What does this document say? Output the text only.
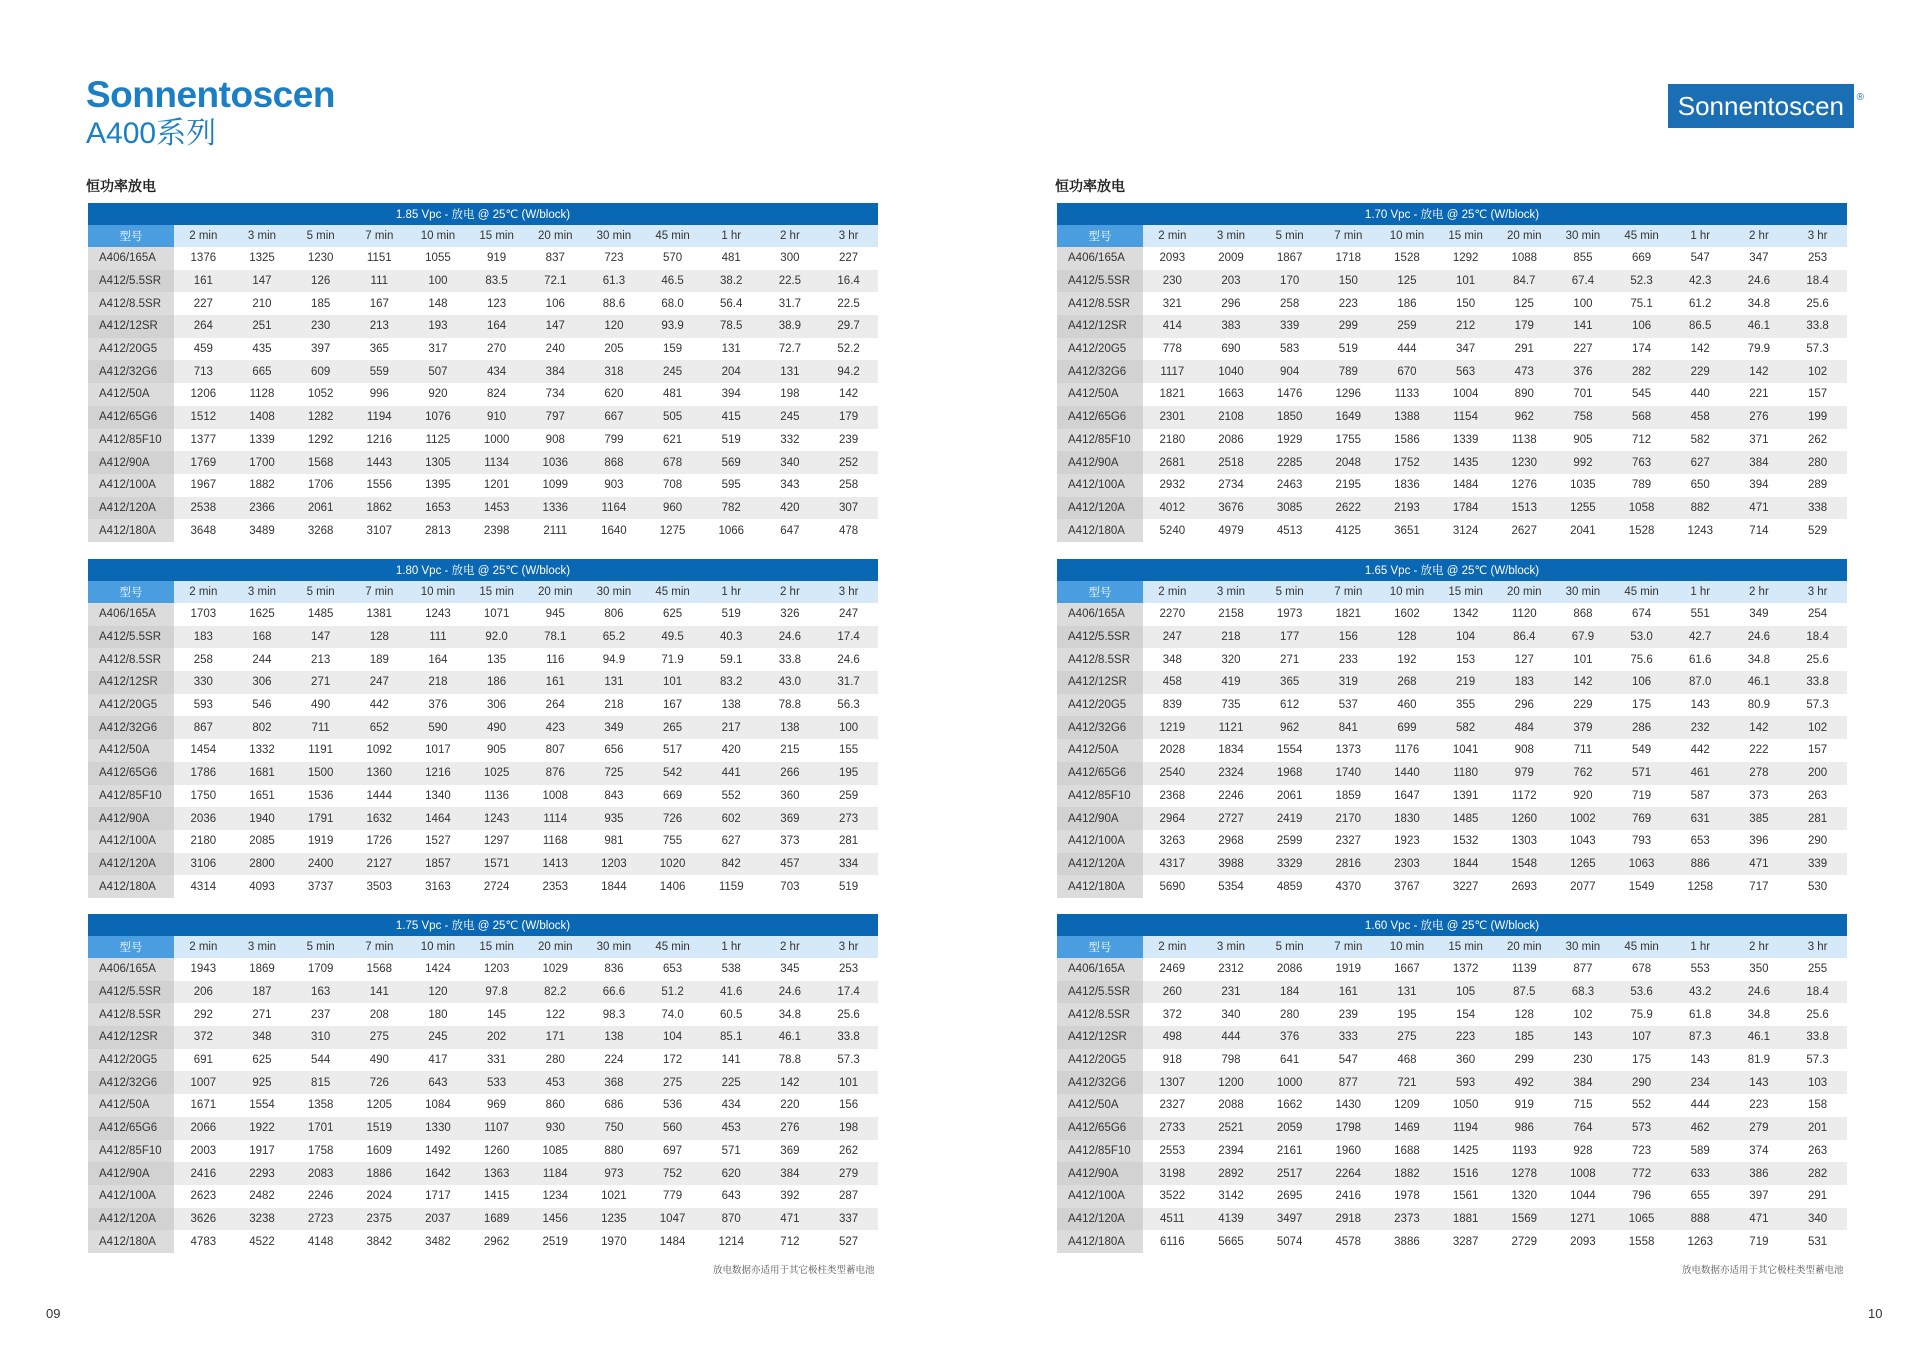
Sonnentoscen
A400系列
Sonnentoscen ®
恒功率放电	恒功率放电
1.85 Vpc - 放电 @ 25℃ (W/block)												
型号	2 min	3 min	5 min	7 min	10 min	15 min	20 min	30 min	45 min	1 hr	2 hr	3 hr
A406/165A	1376	1325	1230	1151	1055	919	837	723	570	481	300	227
A412/5.5SR	161	147	126	111	100	83.5	72.1	61.3	46.5	38.2	22.5	16.4
A412/8.5SR	227	210	185	167	148	123	106	88.6	68.0	56.4	31.7	22.5
A412/12SR	264	251	230	213	193	164	147	120	93.9	78.5	38.9	29.7
A412/20G5	459	435	397	365	317	270	240	205	159	131	72.7	52.2
A412/32G6	713	665	609	559	507	434	384	318	245	204	131	94.2
A412/50A	1206	1128	1052	996	920	824	734	620	481	394	198	142
A412/65G6	1512	1408	1282	1194	1076	910	797	667	505	415	245	179
A412/85F10	1377	1339	1292	1216	1125	1000	908	799	621	519	332	239
A412/90A	1769	1700	1568	1443	1305	1134	1036	868	678	569	340	252
A412/100A	1967	1882	1706	1556	1395	1201	1099	903	708	595	343	258
A412/120A	2538	2366	2061	1862	1653	1453	1336	1164	960	782	420	307
A412/180A	3648	3489	3268	3107	2813	2398	2111	1640	1275	1066	647	478
1.80 Vpc - 放电 @ 25℃ (W/block)												
型号	2 min	3 min	5 min	7 min	10 min	15 min	20 min	30 min	45 min	1 hr	2 hr	3 hr
A406/165A	1703	1625	1485	1381	1243	1071	945	806	625	519	326	247
A412/5.5SR	183	168	147	128	111	92.0	78.1	65.2	49.5	40.3	24.6	17.4
A412/8.5SR	258	244	213	189	164	135	116	94.9	71.9	59.1	33.8	24.6
A412/12SR	330	306	271	247	218	186	161	131	101	83.2	43.0	31.7
A412/20G5	593	546	490	442	376	306	264	218	167	138	78.8	56.3
A412/32G6	867	802	711	652	590	490	423	349	265	217	138	100
A412/50A	1454	1332	1191	1092	1017	905	807	656	517	420	215	155
A412/65G6	1786	1681	1500	1360	1216	1025	876	725	542	441	266	195
A412/85F10	1750	1651	1536	1444	1340	1136	1008	843	669	552	360	259
A412/90A	2036	1940	1791	1632	1464	1243	1114	935	726	602	369	273
A412/100A	2180	2085	1919	1726	1527	1297	1168	981	755	627	373	281
A412/120A	3106	2800	2400	2127	1857	1571	1413	1203	1020	842	457	334
A412/180A	4314	4093	3737	3503	3163	2724	2353	1844	1406	1159	703	519
1.75 Vpc - 放电 @ 25℃ (W/block)												
型号	2 min	3 min	5 min	7 min	10 min	15 min	20 min	30 min	45 min	1 hr	2 hr	3 hr
A406/165A	1943	1869	1709	1568	1424	1203	1029	836	653	538	345	253
A412/5.5SR	206	187	163	141	120	97.8	82.2	66.6	51.2	41.6	24.6	17.4
A412/8.5SR	292	271	237	208	180	145	122	98.3	74.0	60.5	34.8	25.6
A412/12SR	372	348	310	275	245	202	171	138	104	85.1	46.1	33.8
A412/20G5	691	625	544	490	417	331	280	224	172	141	78.8	57.3
A412/32G6	1007	925	815	726	643	533	453	368	275	225	142	101
A412/50A	1671	1554	1358	1205	1084	969	860	686	536	434	220	156
A412/65G6	2066	1922	1701	1519	1330	1107	930	750	560	453	276	198
A412/85F10	2003	1917	1758	1609	1492	1260	1085	880	697	571	369	262
A412/90A	2416	2293	2083	1886	1642	1363	1184	973	752	620	384	279
A412/100A	2623	2482	2246	2024	1717	1415	1234	1021	779	643	392	287
A412/120A	3626	3238	2723	2375	2037	1689	1456	1235	1047	870	471	337
A412/180A	4783	4522	4148	3842	3482	2962	2519	1970	1484	1214	712	527
1.70 Vpc - 放电 @ 25℃ (W/block)												
型号	2 min	3 min	5 min	7 min	10 min	15 min	20 min	30 min	45 min	1 hr	2 hr	3 hr
A406/165A	2093	2009	1867	1718	1528	1292	1088	855	669	547	347	253
A412/5.5SR	230	203	170	150	125	101	84.7	67.4	52.3	42.3	24.6	18.4
A412/8.5SR	321	296	258	223	186	150	125	100	75.1	61.2	34.8	25.6
A412/12SR	414	383	339	299	259	212	179	141	106	86.5	46.1	33.8
A412/20G5	778	690	583	519	444	347	291	227	174	142	79.9	57.3
A412/32G6	1117	1040	904	789	670	563	473	376	282	229	142	102
A412/50A	1821	1663	1476	1296	1133	1004	890	701	545	440	221	157
A412/65G6	2301	2108	1850	1649	1388	1154	962	758	568	458	276	199
A412/85F10	2180	2086	1929	1755	1586	1339	1138	905	712	582	371	262
A412/90A	2681	2518	2285	2048	1752	1435	1230	992	763	627	384	280
A412/100A	2932	2734	2463	2195	1836	1484	1276	1035	789	650	394	289
A412/120A	4012	3676	3085	2622	2193	1784	1513	1255	1058	882	471	338
A412/180A	5240	4979	4513	4125	3651	3124	2627	2041	1528	1243	714	529
1.65 Vpc - 放电 @ 25℃ (W/block)												
型号	2 min	3 min	5 min	7 min	10 min	15 min	20 min	30 min	45 min	1 hr	2 hr	3 hr
A406/165A	2270	2158	1973	1821	1602	1342	1120	868	674	551	349	254
A412/5.5SR	247	218	177	156	128	104	86.4	67.9	53.0	42.7	24.6	18.4
A412/8.5SR	348	320	271	233	192	153	127	101	75.6	61.6	34.8	25.6
A412/12SR	458	419	365	319	268	219	183	142	106	87.0	46.1	33.8
A412/20G5	839	735	612	537	460	355	296	229	175	143	80.9	57.3
A412/32G6	1219	1121	962	841	699	582	484	379	286	232	142	102
A412/50A	2028	1834	1554	1373	1176	1041	908	711	549	442	222	157
A412/65G6	2540	2324	1968	1740	1440	1180	979	762	571	461	278	200
A412/85F10	2368	2246	2061	1859	1647	1391	1172	920	719	587	373	263
A412/90A	2964	2727	2419	2170	1830	1485	1260	1002	769	631	385	281
A412/100A	3263	2968	2599	2327	1923	1532	1303	1043	793	653	396	290
A412/120A	4317	3988	3329	2816	2303	1844	1548	1265	1063	886	471	339
A412/180A	5690	5354	4859	4370	3767	3227	2693	2077	1549	1258	717	530
1.60 Vpc - 放电 @ 25℃ (W/block)												
型号	2 min	3 min	5 min	7 min	10 min	15 min	20 min	30 min	45 min	1 hr	2 hr	3 hr
A406/165A	2469	2312	2086	1919	1667	1372	1139	877	678	553	350	255
A412/5.5SR	260	231	184	161	131	105	87.5	68.3	53.6	43.2	24.6	18.4
A412/8.5SR	372	340	280	239	195	154	128	102	75.9	61.8	34.8	25.6
A412/12SR	498	444	376	333	275	223	185	143	107	87.3	46.1	33.8
A412/20G5	918	798	641	547	468	360	299	230	175	143	81.9	57.3
A412/32G6	1307	1200	1000	877	721	593	492	384	290	234	143	103
A412/50A	2327	2088	1662	1430	1209	1050	919	715	552	444	223	158
A412/65G6	2733	2521	2059	1798	1469	1194	986	764	573	462	279	201
A412/85F10	2553	2394	2161	1960	1688	1425	1193	928	723	589	374	263
A412/90A	3198	2892	2517	2264	1882	1516	1278	1008	772	633	386	282
A412/100A	3522	3142	2695	2416	1978	1561	1320	1044	796	655	397	291
A412/120A	4511	4139	3497	2918	2373	1881	1569	1271	1065	888	471	340
A412/180A	6116	5665	5074	4578	3886	3287	2729	2093	1558	1263	719	531
放电数据亦适用于其它极柱类型蓄电池	放电数据亦适用于其它极柱类型蓄电池
09	10
